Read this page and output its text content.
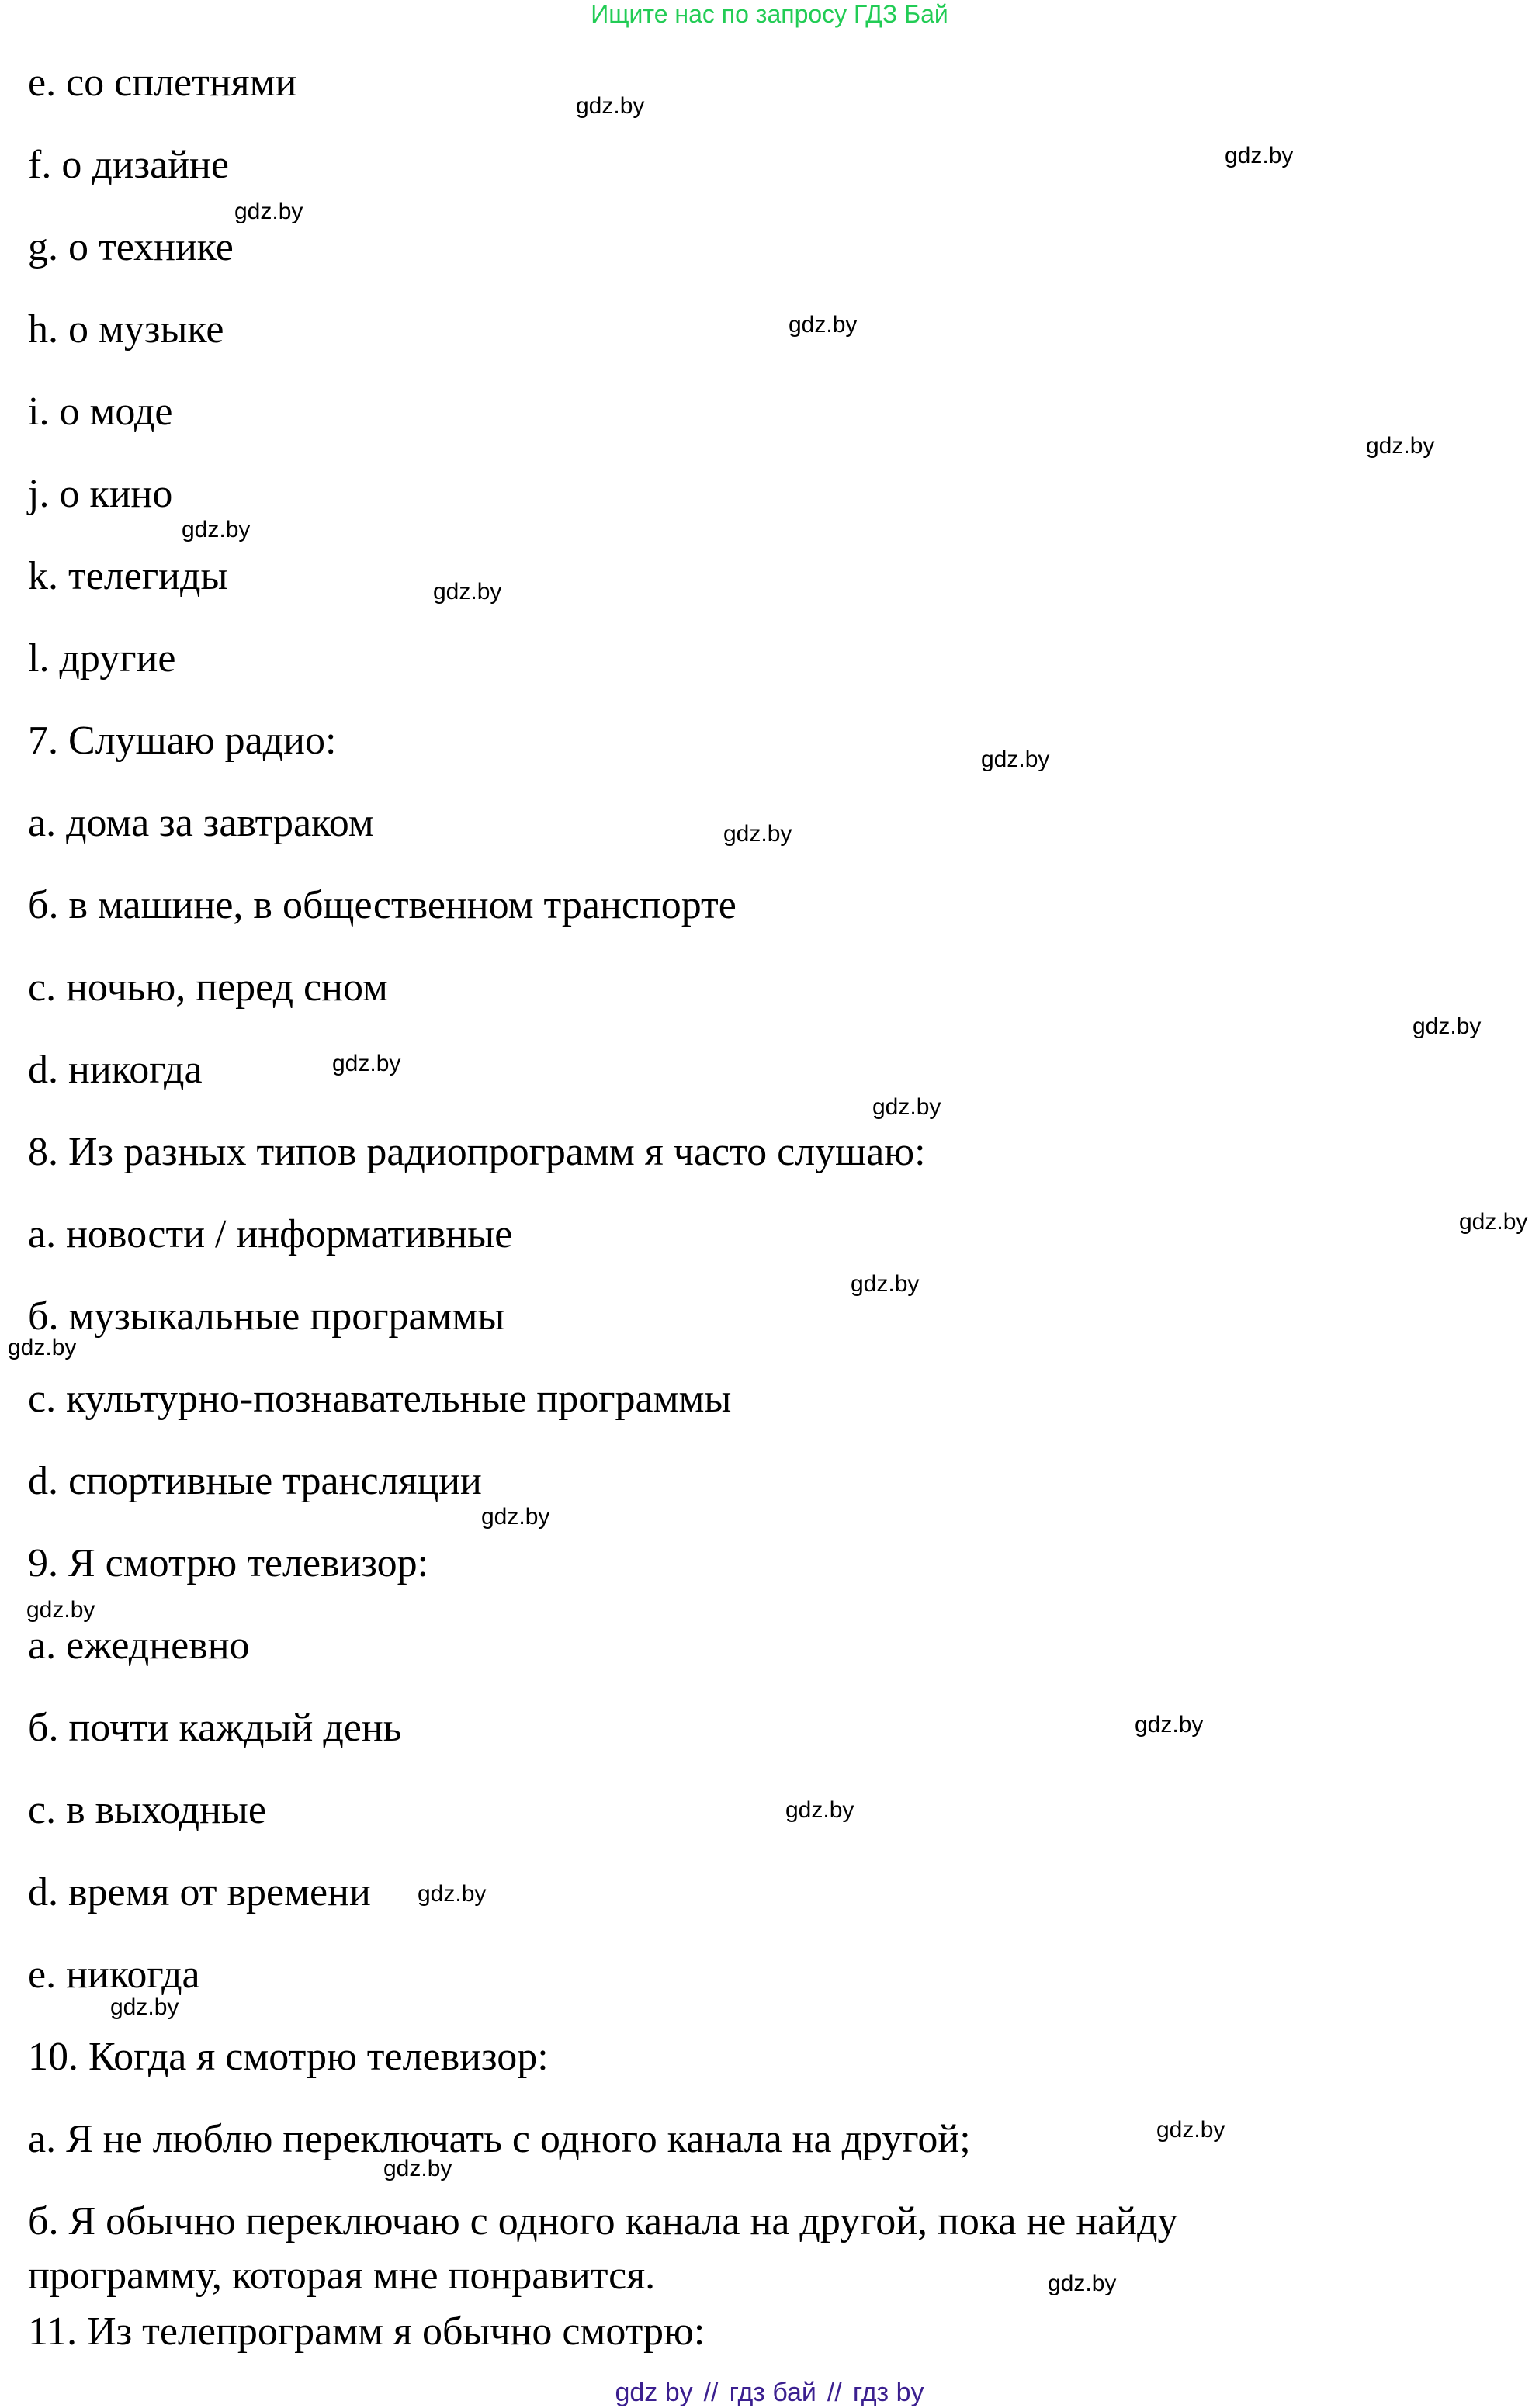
Ищите нас по запросу ГДЗ Бай

e. со сплетнями

f. о дизайне

g. о технике

h. о музыке

i. о моде

j. о кино

k. телегиды

l. другие

7. Слушаю радио:

a. дома за завтраком

б. в машине, в общественном транспорте

c. ночью, перед сном

d. никогда

8. Из разных типов радиопрограмм я часто слушаю:

a. новости / информативные

б. музыкальные программы

c. культурно-познавательные программы

d. спортивные трансляции

9. Я смотрю телевизор:

a. ежедневно

б. почти каждый день

c. в выходные

d. время от времени

e. никогда

10. Когда я смотрю телевизор:

a. Я не люблю переключать с одного канала на другой;

б. Я обычно переключаю с одного канала на другой, пока не найду

программу, которая мне понравится.

11. Из телепрограмм я обычно смотрю:

gdz.by
gdz.by
gdz.by
gdz.by
gdz.by
gdz.by
gdz.by
gdz.by
gdz.by
gdz.by
gdz.by
gdz.by
gdz.by
gdz.by
gdz.by
gdz.by
gdz.by
gdz.by
gdz.by
gdz.by
gdz.by
gdz.by
gdz.by
gdz.by
gdz by // гдз бай // гдз by
